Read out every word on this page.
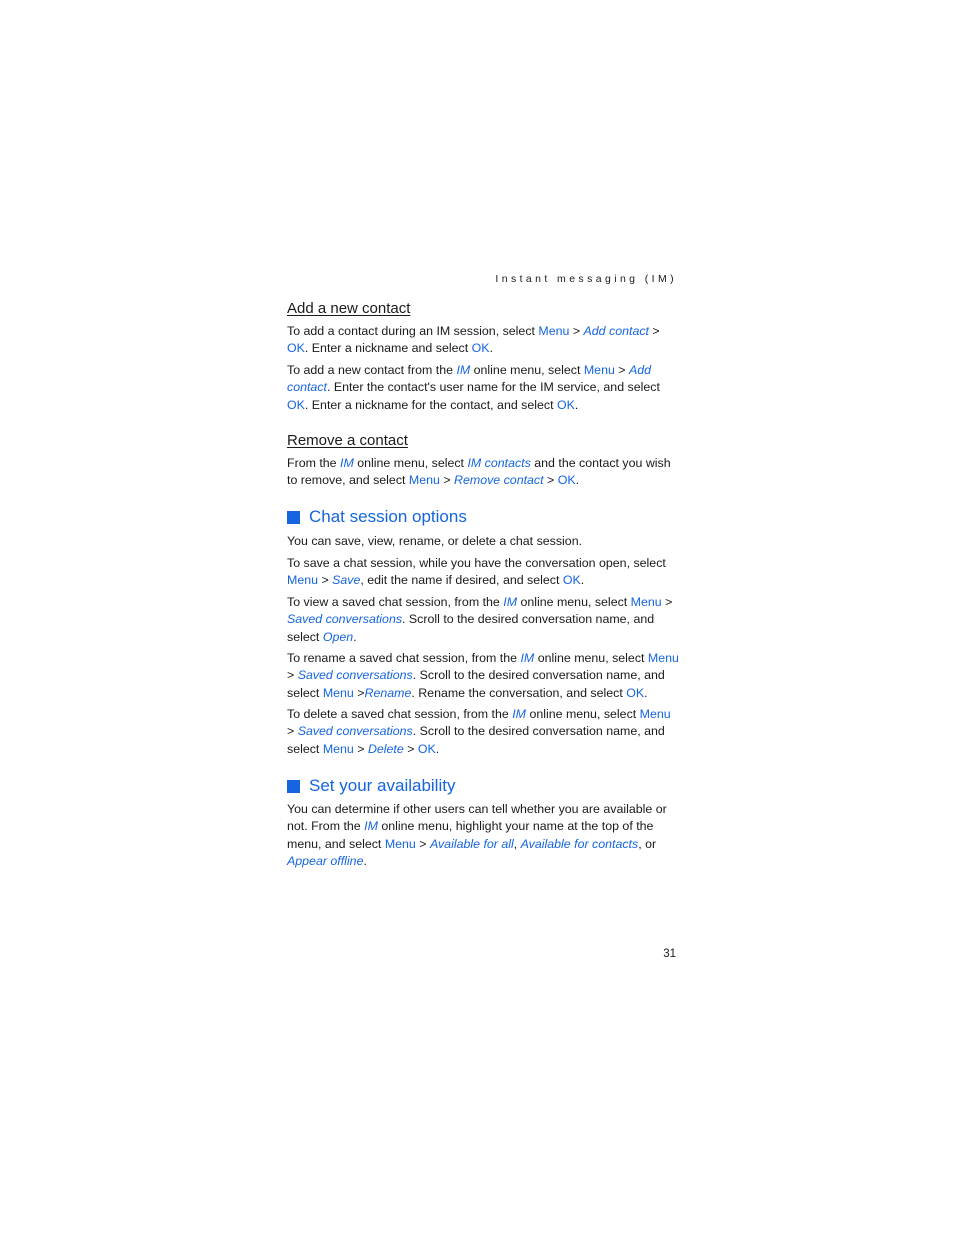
Instant messaging (IM)
Add a new contact

To add a contact during an IM session, select Menu > Add contact > OK. Enter a nickname and select OK.

To add a new contact from the IM online menu, select Menu > Add contact. Enter the contact's user name for the IM service, and select OK. Enter a nickname for the contact, and select OK.

Remove a contact

From the IM online menu, select IM contacts and the contact you wish to remove, and select Menu > Remove contact > OK.

Chat session options

You can save, view, rename, or delete a chat session.

To save a chat session, while you have the conversation open, select Menu > Save, edit the name if desired, and select OK.

To view a saved chat session, from the IM online menu, select Menu > Saved conversations. Scroll to the desired conversation name, and select Open.

To rename a saved chat session, from the IM online menu, select Menu > Saved conversations. Scroll to the desired conversation name, and select Menu >Rename. Rename the conversation, and select OK.

To delete a saved chat session, from the IM online menu, select Menu > Saved conversations. Scroll to the desired conversation name, and select Menu > Delete > OK.

Set your availability

You can determine if other users can tell whether you are available or not. From the IM online menu, highlight your name at the top of the menu, and select Menu > Available for all, Available for contacts, or Appear offline.

31
